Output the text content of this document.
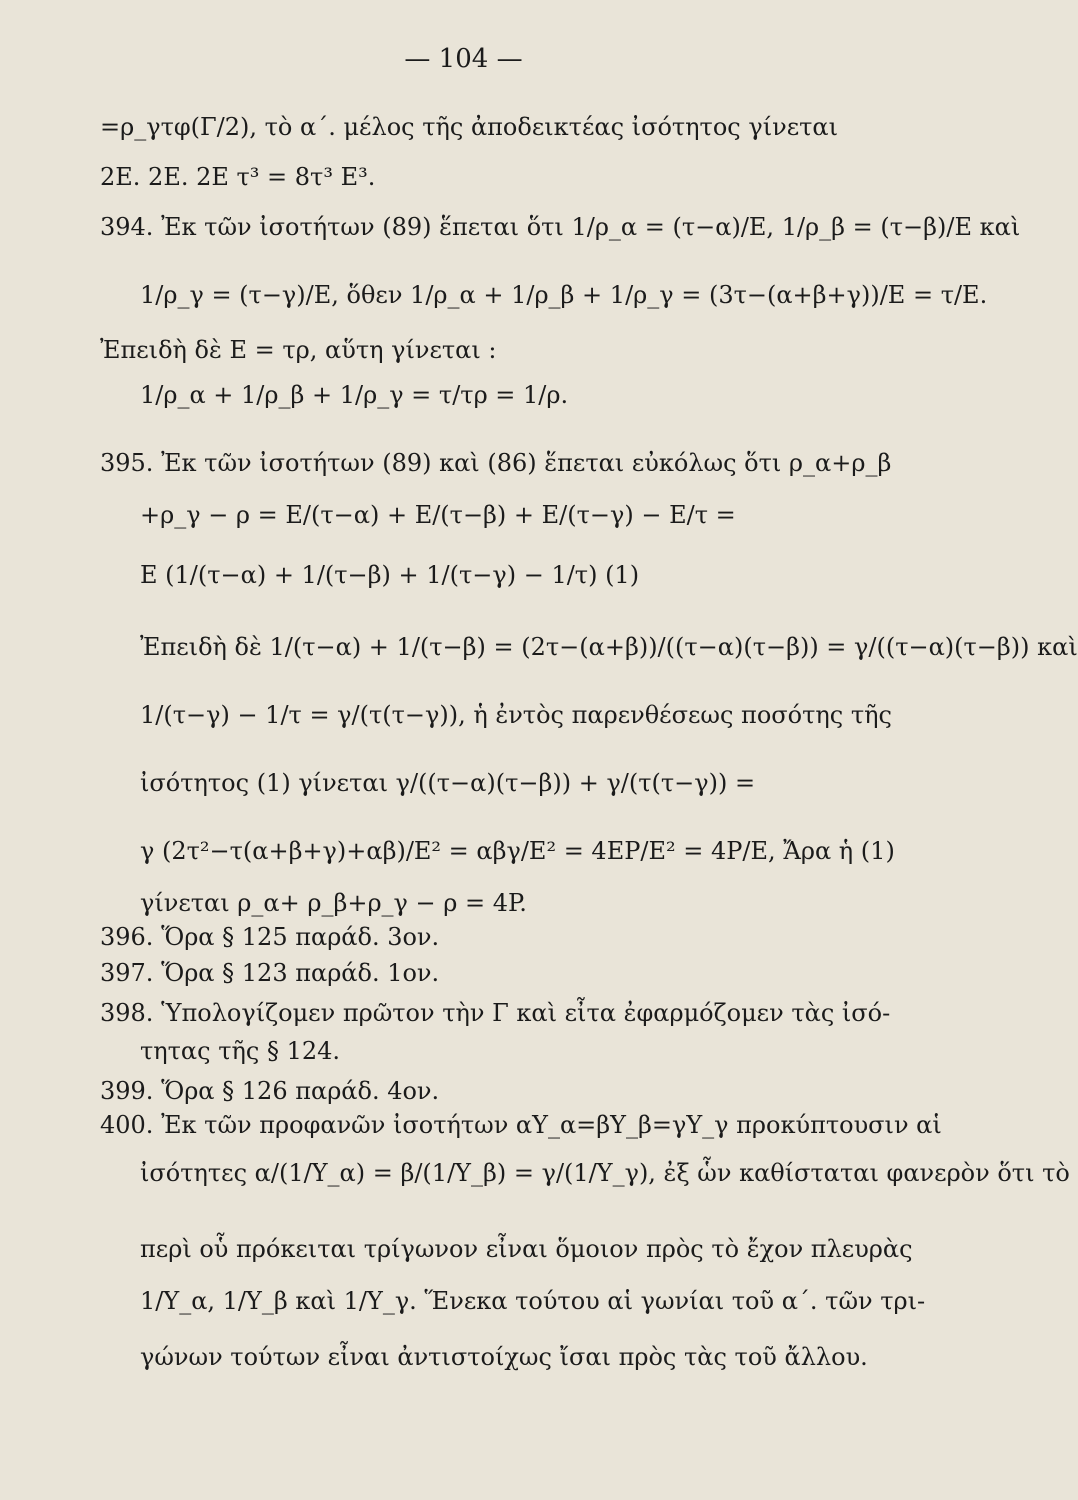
— 104 —
=ρ_γτφ(Γ/2), τὸ α΄. μέλος τῆς ἀποδεικτέας ἰσότητος γίνεται
2E. 2E. 2E τ³ = 8τ³ E³.
394. Ἐκ τῶν ἰσοτήτων (89) ἕπεται ὅτι 1/ρ_α = (τ−α)/E, 1/ρ_β = (τ−β)/E καὶ
1/ρ_γ = (τ−γ)/E, ὅθεν 1/ρ_α + 1/ρ_β + 1/ρ_γ = (3τ−(α+β+γ))/E = τ/E.
Ἐπειδὴ δὲ E = τρ, αὕτη γίνεται :
1/ρ_α + 1/ρ_β + 1/ρ_γ = τ/τρ = 1/ρ.
395. Ἐκ τῶν ἰσοτήτων (89) καὶ (86) ἕπεται εὐκόλως ὅτι ρ_α+ρ_β
+ρ_γ − ρ = E/(τ−α) + E/(τ−β) + E/(τ−γ) − E/τ =
E (1/(τ−α) + 1/(τ−β) + 1/(τ−γ) − 1/τ) (1)
Ἐπειδὴ δὲ 1/(τ−α) + 1/(τ−β) = (2τ−(α+β))/((τ−α)(τ−β)) = γ/((τ−α)(τ−β)) καὶ
1/(τ−γ) − 1/τ = γ/(τ(τ−γ)), ἡ ἐντὸς παρενθέσεως ποσότης τῆς
ἰσότητος (1) γίνεται γ/((τ−α)(τ−β)) + γ/(τ(τ−γ)) =
γ (2τ²−τ(α+β+γ)+αβ)/E² = αβγ/E² = 4EP/E² = 4P/E, Ἄρα ἡ (1)
γίνεται ρ_α+ ρ_β+ρ_γ − ρ = 4P.
396. Ὅρα § 125 παράδ. 3ον.
397. Ὅρα § 123 παράδ. 1ον.
398. Ὑπολογίζομεν πρῶτον τὴν Γ καὶ εἶτα ἐφαρμόζομεν τὰς ἰσό-
τητας τῆς § 124.
399. Ὅρα § 126 παράδ. 4ον.
400. Ἐκ τῶν προφανῶν ἰσοτήτων αΥ_α=βΥ_β=γΥ_γ προκύπτουσιν αἱ
ἰσότητες α/(1/Υ_α) = β/(1/Υ_β) = γ/(1/Υ_γ), ἐξ ὧν καθίσταται φανερὸν ὅτι τὸ
περὶ οὗ πρόκειται τρίγωνον εἶναι ὅμοιον πρὸς τὸ ἔχον πλευρὰς
1/Υ_α, 1/Υ_β καὶ 1/Υ_γ. Ἕνεκα τούτου αἱ γωνίαι τοῦ α΄. τῶν τρι-
γώνων τούτων εἶναι ἀντιστοίχως ἴσαι πρὸς τὰς τοῦ ἄλλου.
